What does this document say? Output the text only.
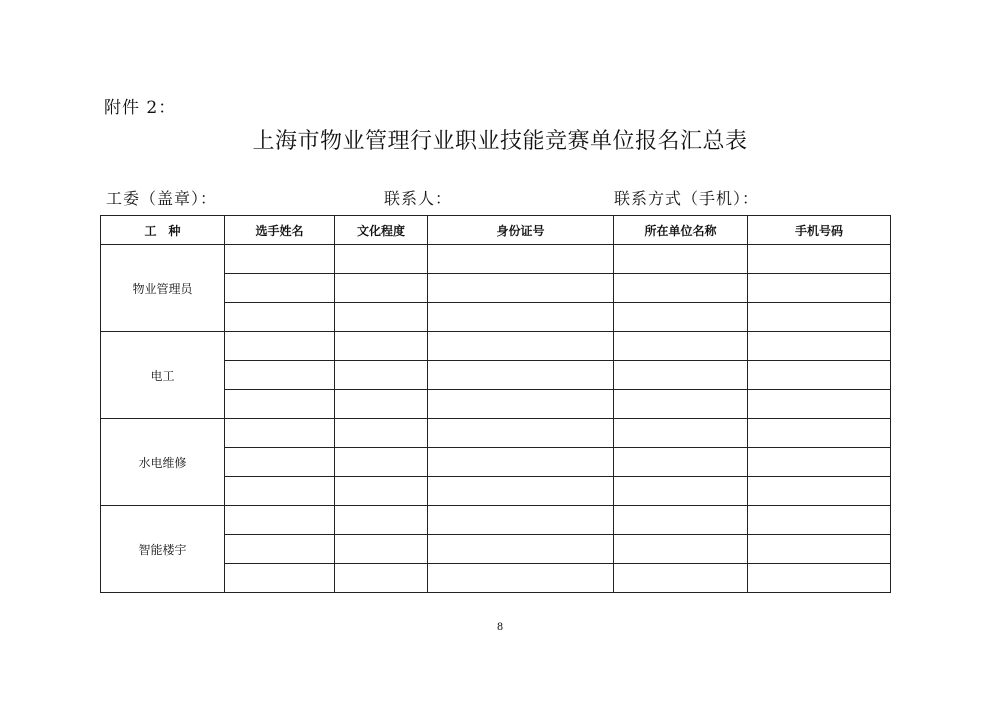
附件 2：
上海市物业管理行业职业技能竞赛单位报名汇总表
工委（盖章）：	联系人：	联系方式（手机）：
工　种	选手姓名	文化程度	身份证号	所在单位名称	手机号码
物业管理员					

电工					

水电维修					

智能楼宇					

8
